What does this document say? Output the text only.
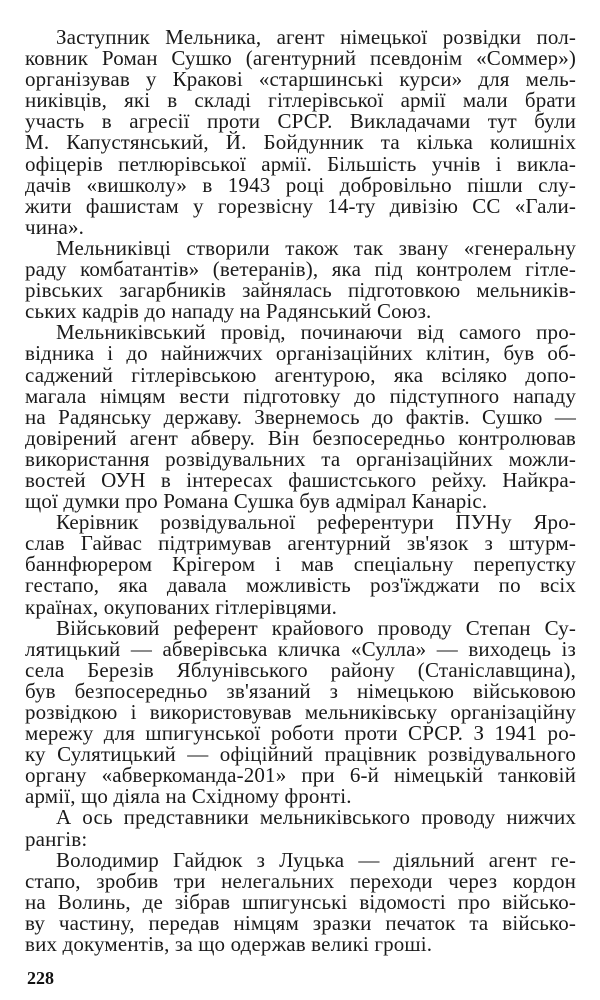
Заступник Мельника, агент німецької розвідки пол-
ковник Роман Сушко (агентурний псевдонім «Соммер»)
організував у Кракові «старшинські курси» для мель-
никівців, які в складі гітлерівської армії мали брати
участь в агресії проти СРСР. Викладачами тут були
М. Капустянський, Й. Бойдунник та кілька колишніх
офіцерів петлюрівської армії. Більшість учнів і викла-
дачів «вишколу» в 1943 році добровільно пішли слу-
жити фашистам у горезвісну 14-ту дивізію СС «Гали-
чина».
Мельниківці створили також так звану «генеральну
раду комбатантів» (ветеранів), яка під контролем гітле-
рівських загарбників зайнялась підготовкою мельників-
ських кадрів до нападу на Радянський Союз.
Мельниківський провід, починаючи від самого про-
відника і до найнижчих організаційних клітин, був об-
саджений гітлерівською агентурою, яка всіляко допо-
магала німцям вести підготовку до підступного нападу
на Радянську державу. Звернемось до фактів. Сушко —
довірений агент абверу. Він безпосередньо контролював
використання розвідувальних та організаційних можли-
востей ОУН в інтересах фашистського рейху. Найкра-
щої думки про Романа Сушка був адмірал Канаріс.
Керівник розвідувальної референтури ПУНу Яро-
слав Гайвас підтримував агентурний зв'язок з штурм-
баннфюрером Крігером і мав спеціальну перепустку
гестапо, яка давала можливість роз'їжджати по всіх
країнах, окупованих гітлерівцями.
Військовий референт крайового проводу Степан Су-
лятицький — абверівська кличка «Сулла» — виходець із
села Березів Яблунівського району (Станіславщина),
був безпосередньо зв'язаний з німецькою військовою
розвідкою і використовував мельниківську організаційну
мережу для шпигунської роботи проти СРСР. З 1941 ро-
ку Сулятицький — офіційний працівник розвідувального
органу «абверкоманда-201» при 6-й німецькій танковій
армії, що діяла на Східному фронті.
А ось представники мельниківського проводу нижчих
рангів:
Володимир Гайдюк з Луцька — діяльний агент ге-
стапо, зробив три нелегальних переходи через кордон
на Волинь, де зібрав шпигунські відомості про військо-
ву частину, передав німцям зразки печаток та військо-
вих документів, за що одержав великі гроші.
228
